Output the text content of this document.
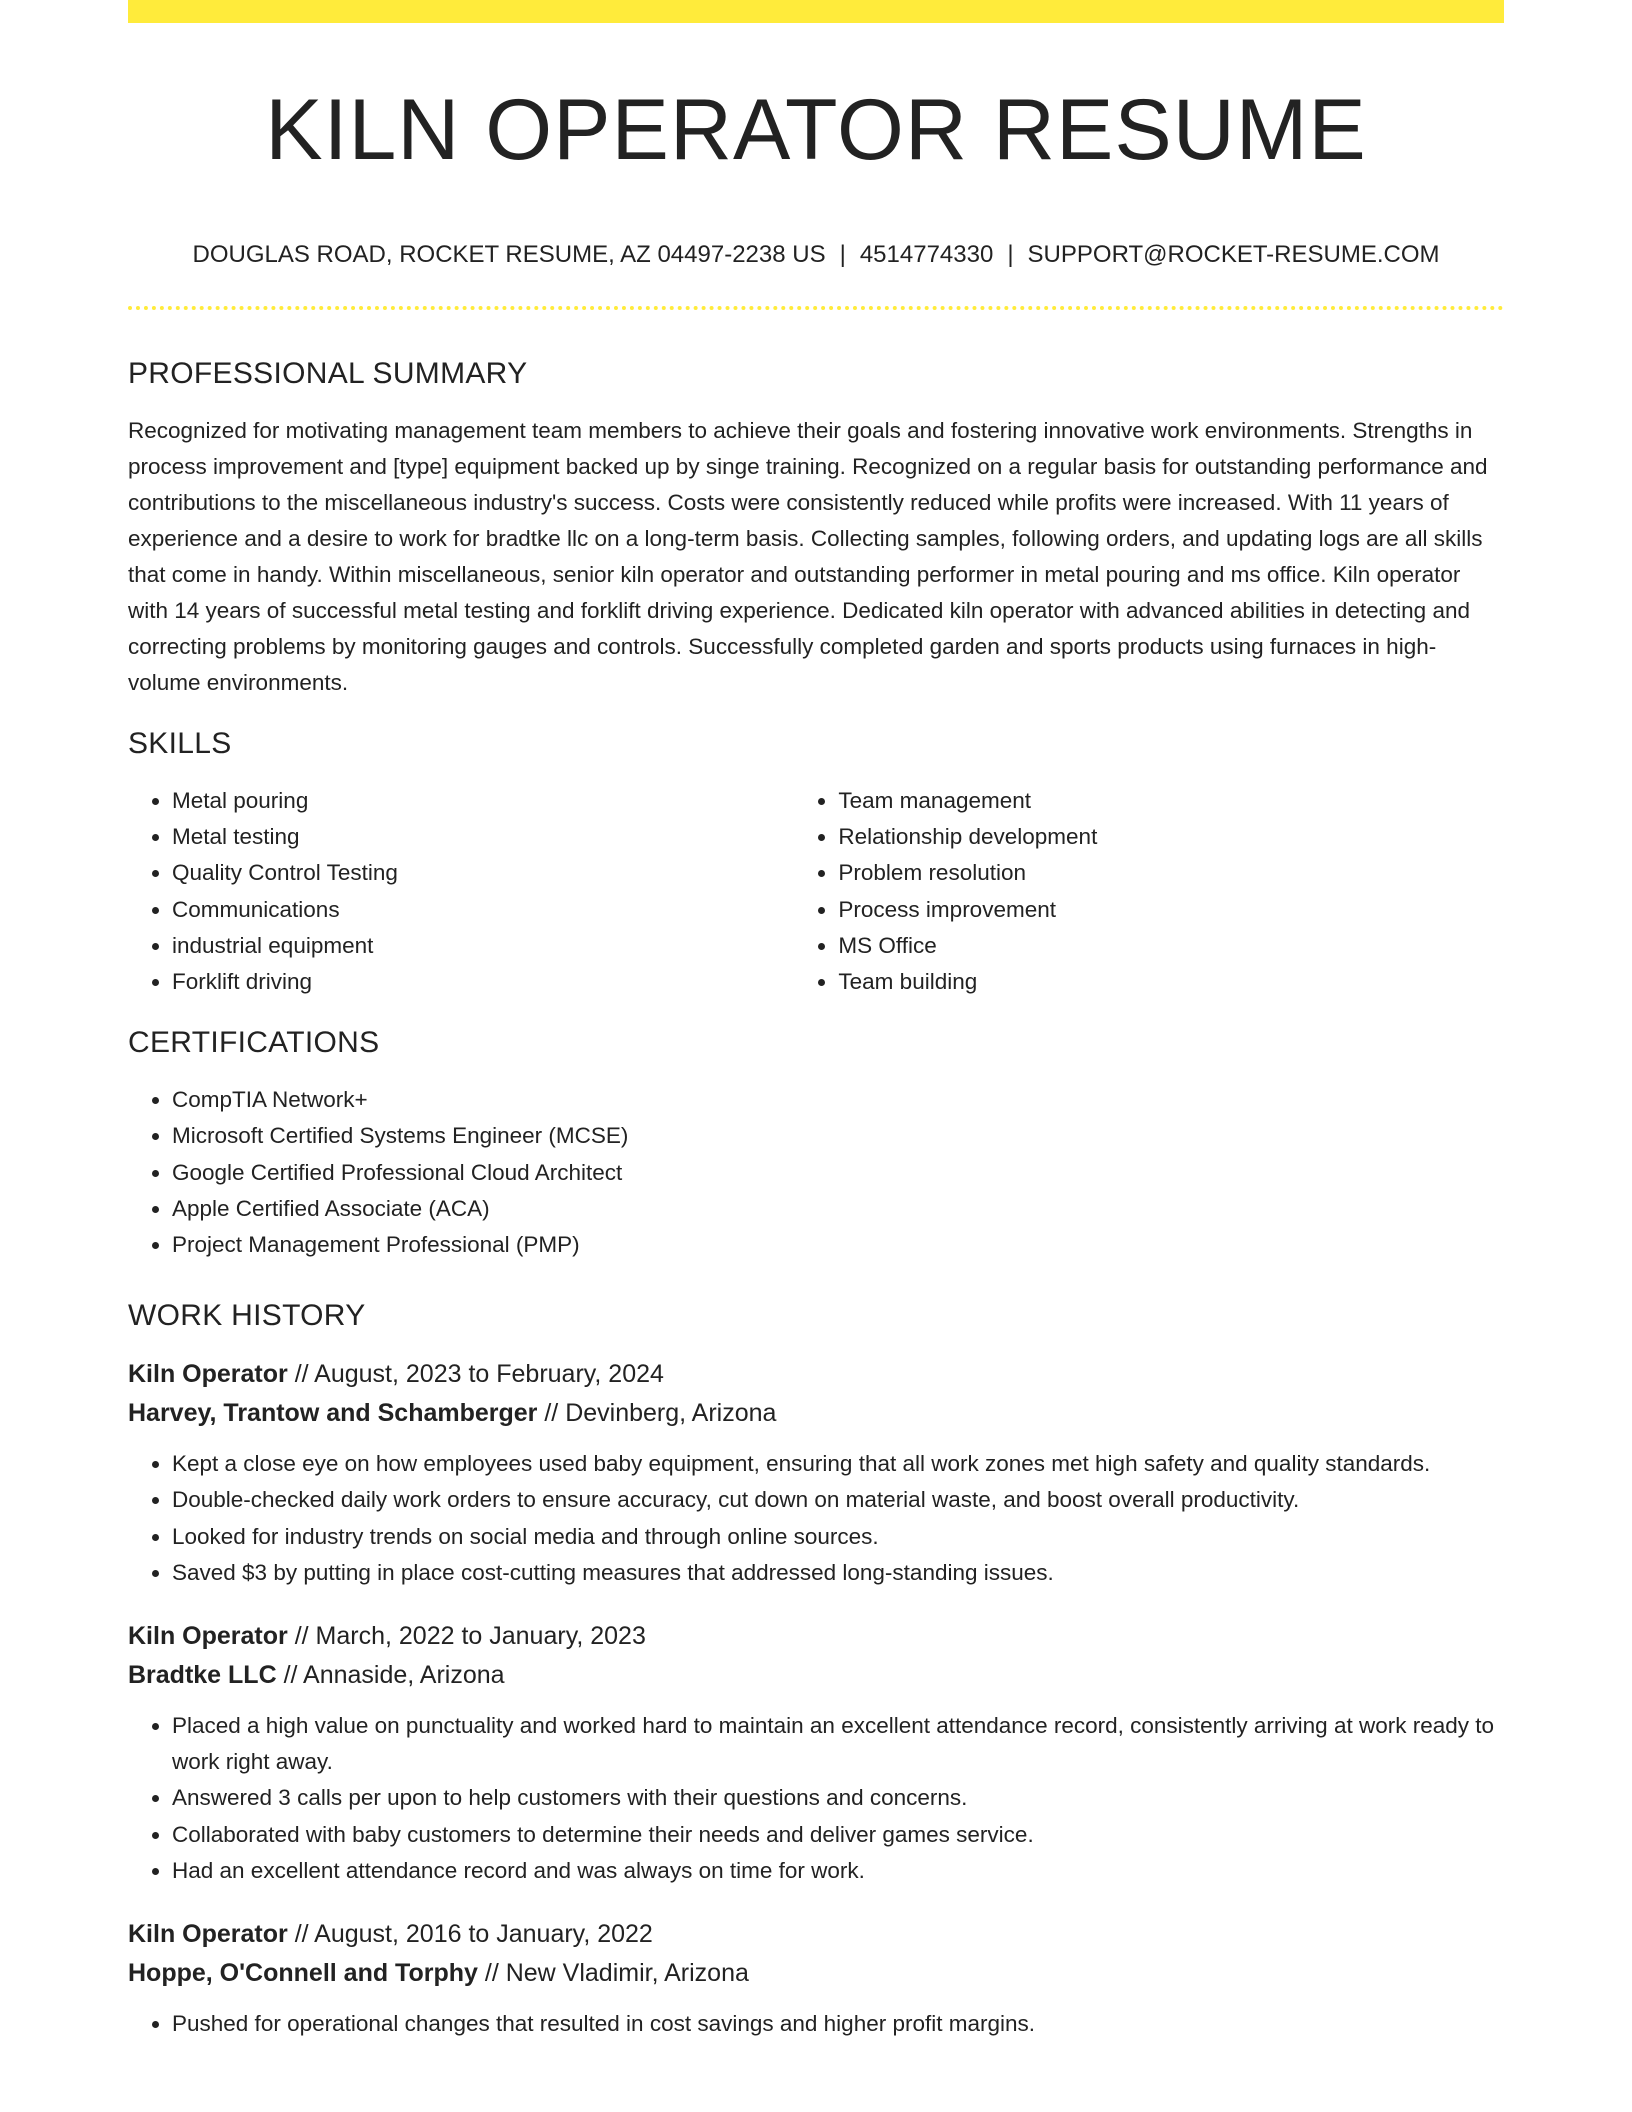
KILN OPERATOR RESUME
DOUGLAS ROAD, ROCKET RESUME, AZ 04497-2238 US | 4514774330 | SUPPORT@ROCKET-RESUME.COM
PROFESSIONAL SUMMARY

Recognized for motivating management team members to achieve their goals and fostering innovative work environments. Strengths in process improvement and [type] equipment backed up by singe training. Recognized on a regular basis for outstanding performance and contributions to the miscellaneous industry's success. Costs were consistently reduced while profits were increased. With 11 years of experience and a desire to work for bradtke llc on a long-term basis. Collecting samples, following orders, and updating logs are all skills that come in handy. Within miscellaneous, senior kiln operator and outstanding performer in metal pouring and ms office. Kiln operator with 14 years of successful metal testing and forklift driving experience. Dedicated kiln operator with advanced abilities in detecting and correcting problems by monitoring gauges and controls. Successfully completed garden and sports products using furnaces in high-volume environments.

SKILLS
• Metal pouring
• Metal testing
• Quality Control Testing
• Communications
• industrial equipment
• Forklift driving
• Team management
• Relationship development
• Problem resolution
• Process improvement
• MS Office
• Team building
CERTIFICATIONS
• CompTIA Network+
• Microsoft Certified Systems Engineer (MCSE)
• Google Certified Professional Cloud Architect
• Apple Certified Associate (ACA)
• Project Management Professional (PMP)
WORK HISTORY
Kiln Operator // August, 2023 to February, 2024
Harvey, Trantow and Schamberger // Devinberg, Arizona
• Kept a close eye on how employees used baby equipment, ensuring that all work zones met high safety and quality standards.
• Double-checked daily work orders to ensure accuracy, cut down on material waste, and boost overall productivity.
• Looked for industry trends on social media and through online sources.
• Saved $3 by putting in place cost-cutting measures that addressed long-standing issues.
Kiln Operator // March, 2022 to January, 2023
Bradtke LLC // Annaside, Arizona
• Placed a high value on punctuality and worked hard to maintain an excellent attendance record, consistently arriving at work ready to work right away.
• Answered 3 calls per upon to help customers with their questions and concerns.
• Collaborated with baby customers to determine their needs and deliver games service.
• Had an excellent attendance record and was always on time for work.
Kiln Operator // August, 2016 to January, 2022
Hoppe, O'Connell and Torphy // New Vladimir, Arizona
• Pushed for operational changes that resulted in cost savings and higher profit margins.
